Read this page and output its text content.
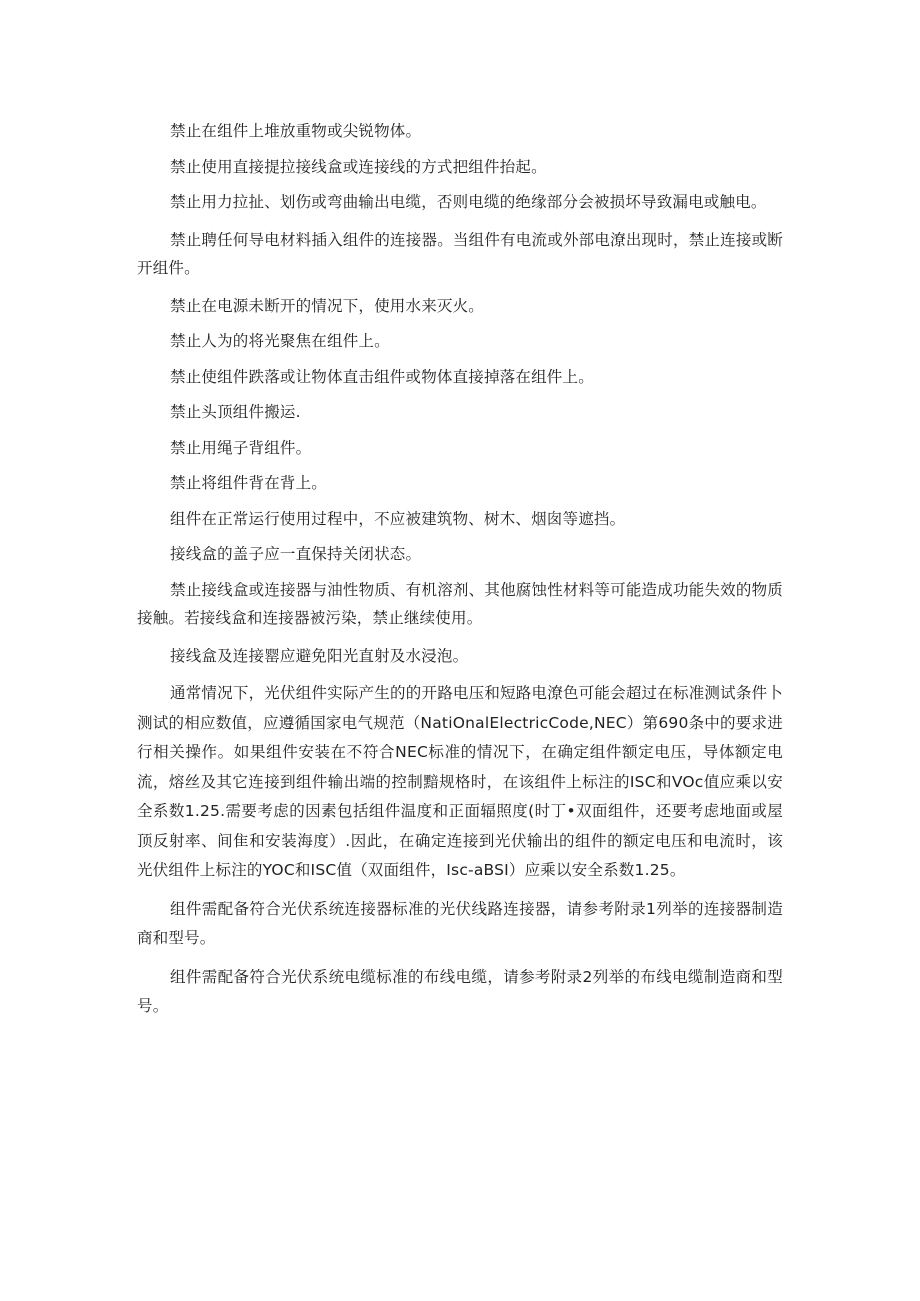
禁止在组件上堆放重物或尖锐物体。

禁止使用直接提拉接线盒或连接线的方式把组件抬起。

禁止用力拉扯、划伤或弯曲输出电缆，否则电缆的绝缘部分会被损坏导致漏电或触电。

禁止聘任何导电材料插入组件的连接器。当组件有电流或外部电潦出现时，禁止连接或断开组件。

禁止在电源未断开的情况下，使用水来灭火。

禁止人为的将光聚焦在组件上。

禁止使组件跌落或让物体直击组件或物体直接掉落在组件上。

禁止头顶组件搬运.

禁止用绳子背组件。

禁止将组件背在背上。

组件在正常运行使用过程中，不应被建筑物、树木、烟囱等遮挡。

接线盒的盖子应一直保持关闭状态。

禁止接线盒或连接器与油性物质、有机溶剂、其他腐蚀性材料等可能造成功能失效的物质接触。若接线盒和连接器被污染，禁止继续使用。

接线盒及连接罂应避免阳光直射及水浸泡。

通常情况下，光伏组件实际产生的的开路电压和短路电潦色可能会超过在标准测试条件卜测试的相应数值，应遵循国家电气规范（NatiOnalElectricCode,NEC）第690条中的要求进行相关操作。如果组件安装在不符合NEC标准的情况下，在确定组件额定电压，导体额定电流，熔丝及其它连接到组件输出端的控制黯规格时，在该组件上标注的ISC和VOc值应乘以安全系数1.25.需要考虑的因素包括组件温度和正面辐照度(时丁•双面组件，还要考虑地面或屋顶反射率、间隹和安装海度）.因此，在确定连接到光伏输出的组件的额定电压和电流时，该光伏组件上标注的YOC和ISC值（双面组件，Isc-aBSI）应乘以安全系数1.25。

组件需配备符合光伏系统连接器标准的光伏线路连接器，请参考附录1列举的连接器制造商和型号。

组件需配备符合光伏系统电缆标准的布线电缆，请参考附录2列举的布线电缆制造商和型号。
